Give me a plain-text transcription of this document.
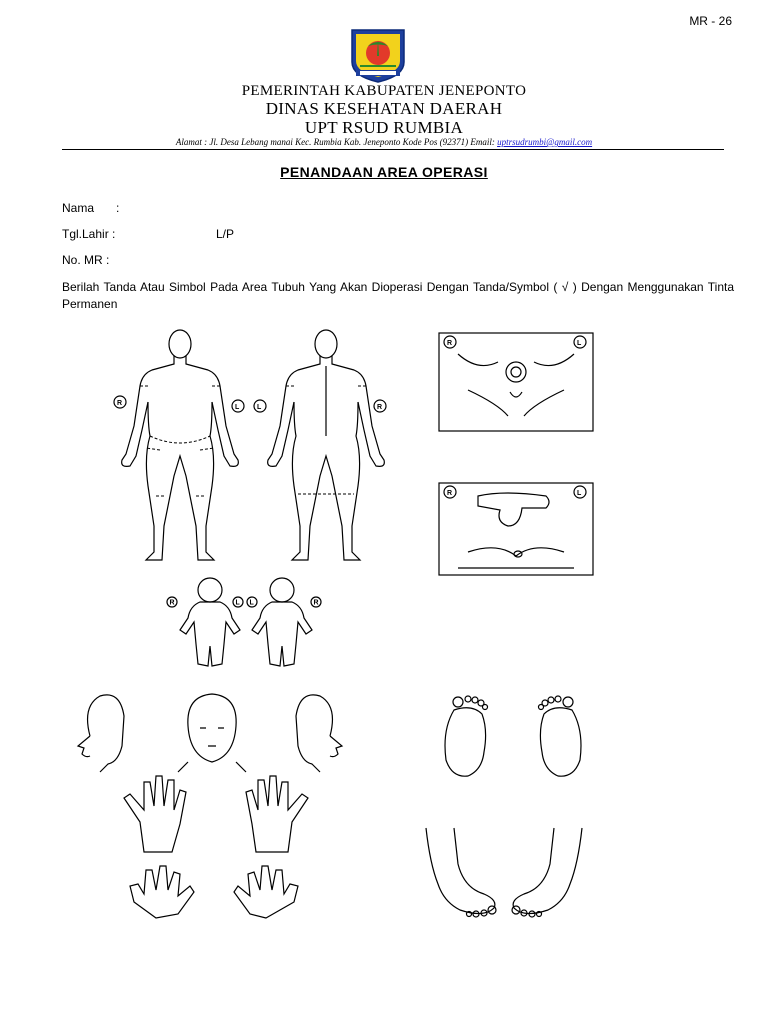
MR - 26
PEMERINTAH KABUPATEN JENEPONTO
DINAS KESEHATAN DAERAH
UPT RSUD RUMBIA
Alamat : Jl. Desa Lebang manai Kec. Rumbia Kab. Jeneponto Kode Pos (92371) Email: uptrsudrumbi@gmail.com
PENANDAAN AREA OPERASI
Nama :
Tgl.Lahir :	L/P
No. MR :
Berilah Tanda Atau Simbol Pada Area Tubuh Yang Akan Dioperasi Dengan Tanda/Symbol ( √ ) Dengan Menggunakan Tinta Permanen
R
L	L	R
R	L L	R
R	L
R	L
